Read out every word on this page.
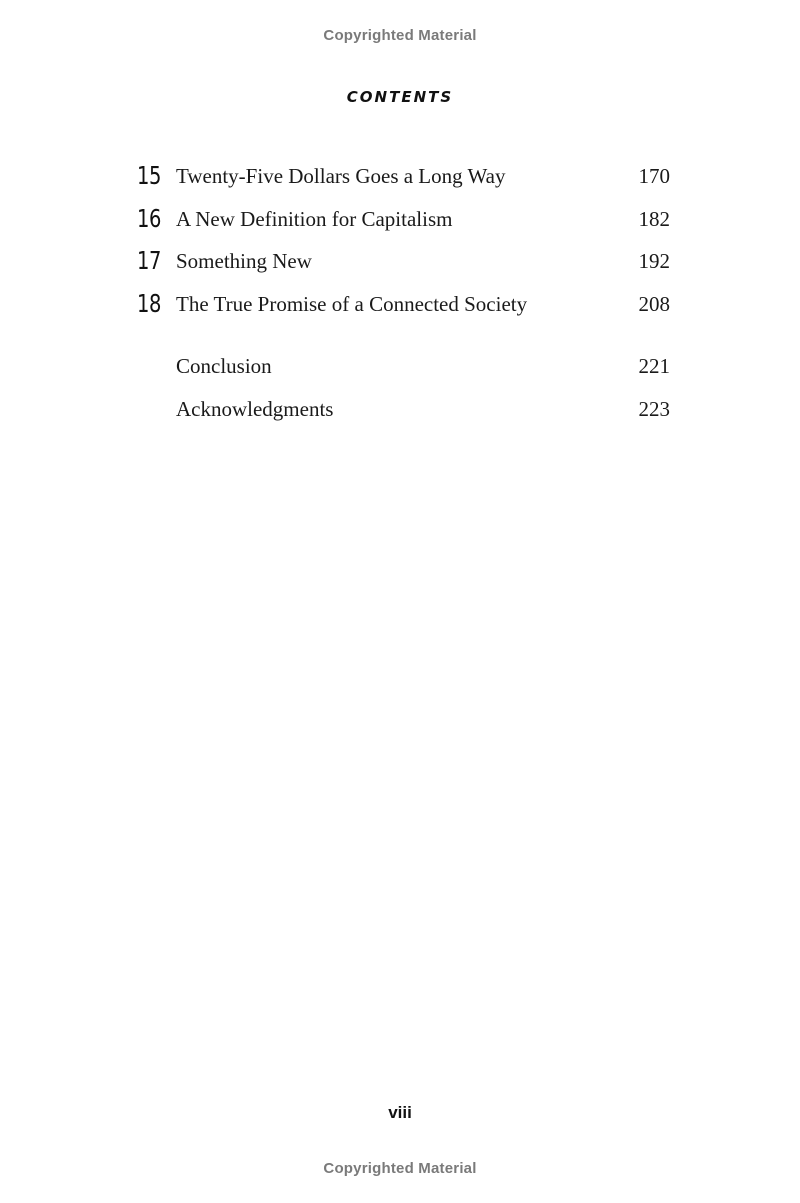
Copyrighted Material
CONTENTS
15 Twenty-Five Dollars Goes a Long Way	170
16 A New Definition for Capitalism	182
17 Something New	192
18 The True Promise of a Connected Society	208
Conclusion	221
Acknowledgments	223
viii
Copyrighted Material
